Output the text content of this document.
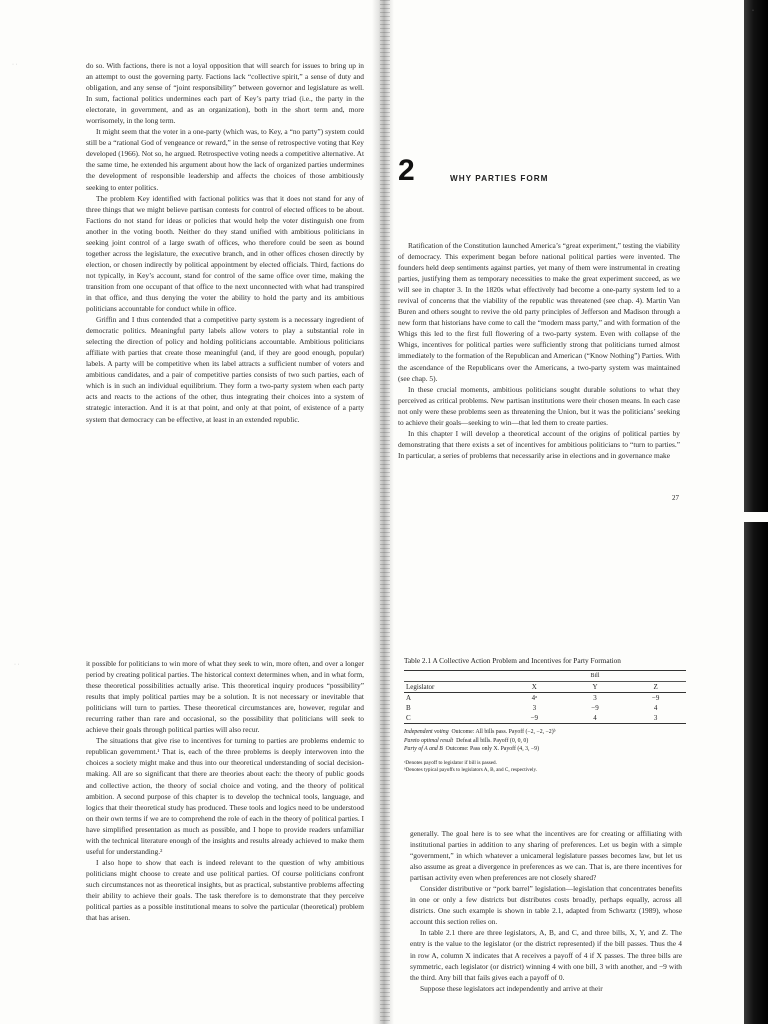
· ·
·

do so. With factions, there is not a loyal opposition that will search for issues to bring up in an attempt to oust the governing party. Factions lack “collective spirit,” a sense of duty and obligation, and any sense of “joint responsibility” between governor and legislature as well. In sum, factional politics undermines each part of Key’s party triad (i.e., the party in the electorate, in government, and as an organization), both in the short term and, more worrisomely, in the long term.

It might seem that the voter in a one-party (which was, to Key, a “no party”) system could still be a “rational God of vengeance or reward,” in the sense of retrospective voting that Key developed (1966). Not so, he argued. Retrospective voting needs a competitive alternative. At the same time, he extended his argument about how the lack of organized parties undermines the development of responsible leadership and affects the choices of those ambitiously seeking to enter politics.

The problem Key identified with factional politics was that it does not stand for any of three things that we might believe partisan contests for control of elected offices to be about. Factions do not stand for ideas or policies that would help the voter distinguish one from another in the voting booth. Neither do they stand unified with ambitious politicians in seeking joint control of a large swath of offices, who therefore could be seen as bound together across the legislature, the executive branch, and in other offices chosen directly by election, or chosen indirectly by political appointment by elected officials. Third, factions do not typically, in Key’s account, stand for control of the same office over time, making the transition from one occupant of that office to the next unconnected with what had transpired in that office, and thus denying the voter the ability to hold the party and its ambitious politicians accountable for conduct while in office.

Griffin and I thus contended that a competitive party system is a necessary ingredient of democratic politics. Meaningful party labels allow voters to play a substantial role in selecting the direction of policy and holding politicians accountable. Ambitious politicians affiliate with parties that create those meaningful (and, if they are good enough, popular) labels. A party will be competitive when its label attracts a sufficient number of voters and ambitious candidates, and a pair of competitive parties consists of two such parties, each of which is in such an individual equilibrium. They form a two-party system when each party acts and reacts to the actions of the other, thus integrating their choices into a system of strategic interaction. And it is at that point, and only at that point, of existence of a party system that democracy can be effective, at least in an extended republic.

2	WHY PARTIES FORM

Ratification of the Constitution launched America’s “great experiment,” testing the viability of democracy. This experiment began before national political parties were invented. The founders held deep sentiments against parties, yet many of them were instrumental in creating parties, justifying them as temporary necessities to make the great experiment succeed, as we will see in chapter 3. In the 1820s what effectively had become a one-party system led to a revival of concerns that the viability of the republic was threatened (see chap. 4). Martin Van Buren and others sought to revive the old party principles of Jefferson and Madison through a new form that historians have come to call the “modern mass party,” and with formation of the Whigs this led to the first full flowering of a two-party system. Even with collapse of the Whigs, incentives for political parties were sufficiently strong that politicians turned almost immediately to the formation of the Republican and American (“Know Nothing”) Parties. With the ascendance of the Republicans over the Americans, a two-party system was maintained (see chap. 5).

In these crucial moments, ambitious politicians sought durable solutions to what they perceived as critical problems. New partisan institutions were their chosen means. In each case not only were these problems seen as threatening the Union, but it was the politicians’ seeking to achieve their goals—seeking to win—that led them to create parties.

In this chapter I will develop a theoretical account of the origins of political parties by demonstrating that there exists a set of incentives for ambitious politicians to “turn to parties.” In particular, a series of problems that necessarily arise in elections and in governance make

27
· ·	it possible for politicians to win more of what they seek to win, more often, and over a longer period by creating political parties. The historical context determines when, and in what form, these theoretical possibilities actually arise. This theoretical inquiry produces “possibility” results that imply political parties may be a solution. It is not necessary or inevitable that politicians will turn to parties. These theoretical circumstances are, however, regular and recurring rather than rare and occasional, so the possibility that politicians will seek to achieve their goals through political parties will also recur.

The situations that give rise to incentives for turning to parties are problems endemic to republican government.¹ That is, each of the three problems is deeply interwoven into the choices a society might make and thus into our theoretical understanding of social decision-making. All are so significant that there are theories about each: the theory of public goods and collective action, the theory of social choice and voting, and the theory of political ambition. A second purpose of this chapter is to develop the technical tools, language, and logics that their theoretical study has produced. These tools and logics need to be understood on their own terms if we are to comprehend the role of each in the theory of political parties. I have simplified presentation as much as possible, and I hope to provide readers unfamiliar with the technical literature enough of the insights and results already achieved to make them useful for understanding.²

I also hope to show that each is indeed relevant to the question of why ambitious politicians might choose to create and use political parties. Of course politicians confront such circumstances not as theoretical insights, but as practical, substantive problems affecting their ability to achieve their goals. The task therefore is to demonstrate that they perceive political parties as a possible institutional means to solve the particular (theoretical) problem that has arisen.

Table 2.1 A Collective Action Problem and Incentives for Party Formation
	Bill		
Legislator	X	Y	Z
A	4ᵃ	3	−9
B	3	−9	4
C	−9	4	3
Independent voting Outcome: All bills pass. Payoff (−2, −2, −2)ᵇ
Pareto optimal result Defeat all bills. Payoff (0, 0, 0)
Party of A and B Outcome: Pass only X. Payoff (4, 3, −9)
ᵃDenotes payoff to legislator if bill is passed.
ᵇDenotes typical payoffs to legislators A, B, and C, respectively.

generally. The goal here is to see what the incentives are for creating or affiliating with institutional parties in addition to any sharing of preferences. Let us begin with a simple “government,” in which whatever a unicameral legislature passes becomes law, but let us also assume as great a divergence in preferences as we can. That is, are there incentives for partisan activity even when preferences are not closely shared?

Consider distributive or “pork barrel” legislation—legislation that concentrates benefits in one or only a few districts but distributes costs broadly, perhaps equally, across all districts. One such example is shown in table 2.1, adapted from Schwartz (1989), whose account this section relies on.

In table 2.1 there are three legislators, A, B, and C, and three bills, X, Y, and Z. The entry is the value to the legislator (or the district represented) if the bill passes. Thus the 4 in row A, column X indicates that A receives a payoff of 4 if X passes. The three bills are symmetric, each legislator (or district) winning 4 with one bill, 3 with another, and −9 with the third. Any bill that fails gives each a payoff of 0.

Suppose these legislators act independently and arrive at their
